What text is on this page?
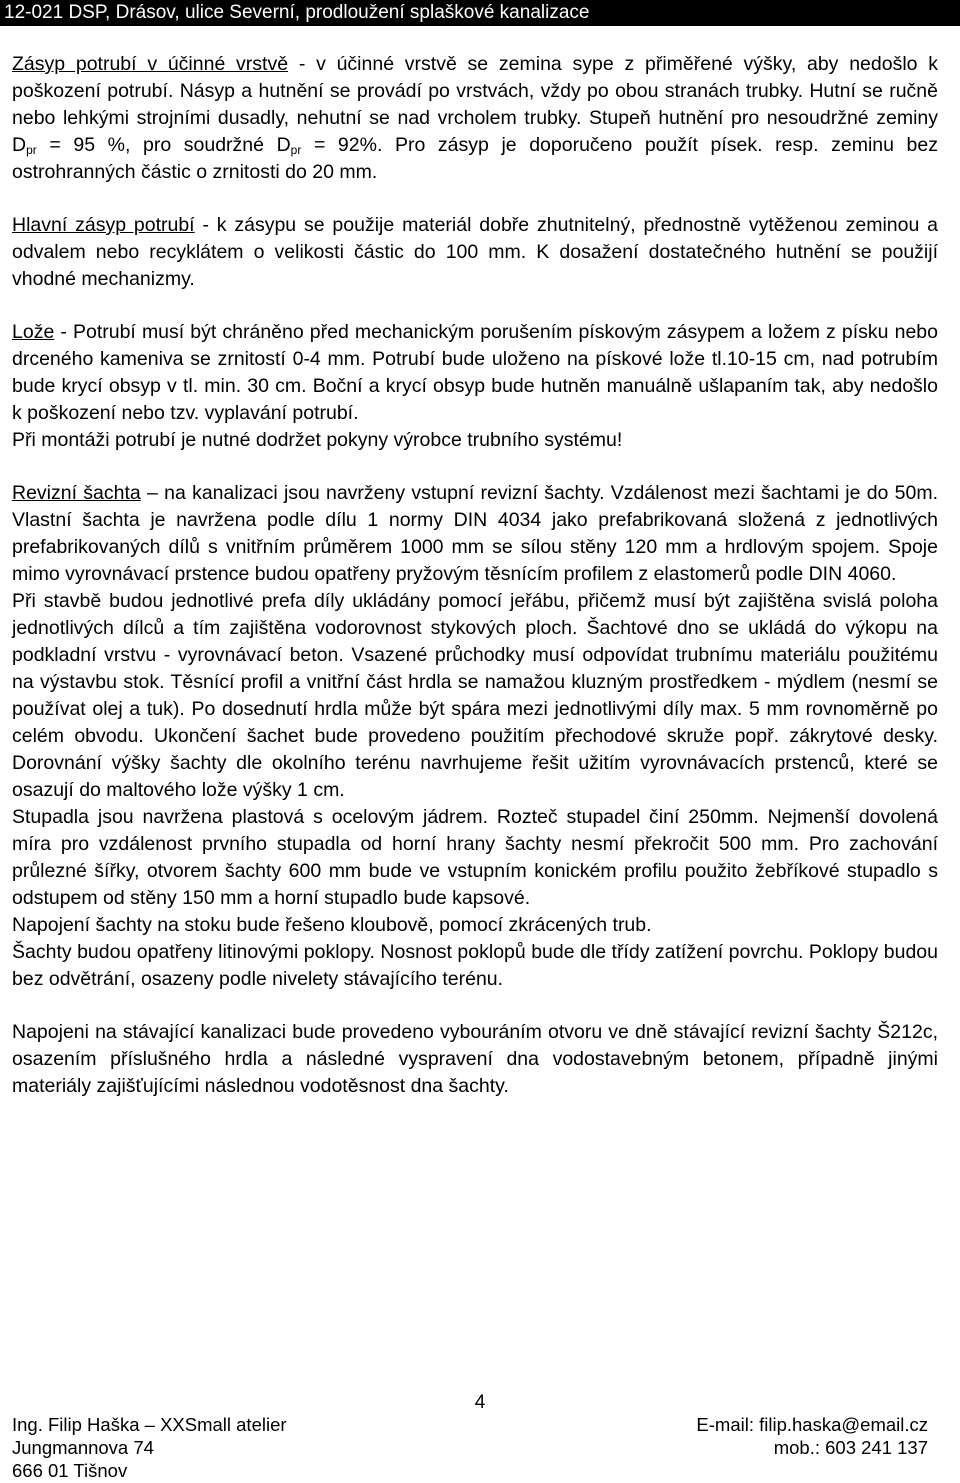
12-021 DSP, Drásov, ulice Severní, prodloužení splaškové kanalizace

Zásyp potrubí v účinné vrstvě - v účinné vrstvě se zemina sype z přiměřené výšky, aby nedošlo k poškození potrubí. Násyp a hutnění se provádí po vrstvách, vždy po obou stranách trubky. Hutní se ručně nebo lehkými strojními dusadly, nehutní se nad vrcholem trubky. Stupeň hutnění pro nesoudržné zeminy $D_{pr} = 95$ %, pro soudržné $D_{pr} = 92\%$. Pro zásyp je doporučeno použít písek. resp. zeminu bez ostrohranných částic o zrnitosti do 20 mm.

Hlavní zásyp potrubí - k zásypu se použije materiál dobře zhutnitelný, přednostně vytěženou zeminou a odvalem nebo recyklátem o velikosti částic do 100 mm. K dosažení dostatečného hutnění se použijí vhodné mechanizmy.

Lože - Potrubí musí být chráněno před mechanickým porušením pískovým zásypem a ložem z písku nebo drceného kameniva se zrnitostí 0-4 mm. Potrubí bude uloženo na pískové lože tl.10-15 cm, nad potrubím bude krycí obsyp v tl. min. 30 cm. Boční a krycí obsyp bude hutněn manuálně ušlapaním tak, aby nedošlo k poškození nebo tzv. vyplavání potrubí.

Při montáži potrubí je nutné dodržet pokyny výrobce trubního systému!

Revizní šachta – na kanalizaci jsou navrženy vstupní revizní šachty. Vzdálenost mezi šachtami je do 50m. Vlastní šachta je navržena podle dílu 1 normy DIN 4034 jako prefabrikovaná složená z jednotlivých prefabrikovaných dílů s vnitřním průměrem 1000 mm se sílou stěny 120 mm a hrdlovým spojem. Spoje mimo vyrovnávací prstence budou opatřeny pryžovým těsnícím profilem z elastomerů podle DIN 4060.

Při stavbě budou jednotlivé prefa díly ukládány pomocí jeřábu, přičemž musí být zajištěna svislá poloha jednotlivých dílců a tím zajištěna vodorovnost stykových ploch. Šachtové dno se ukládá do výkopu na podkladní vrstvu - vyrovnávací beton. Vsazené průchodky musí odpovídat trubnímu materiálu použitému na výstavbu stok. Těsnící profil a vnitřní část hrdla se namažou kluzným prostředkem - mýdlem (nesmí se používat olej a tuk). Po dosednutí hrdla může být spára mezi jednotlivými díly max. 5 mm rovnoměrně po celém obvodu. Ukončení šachet bude provedeno použitím přechodové skruže popř. zákrytové desky. Dorovnání výšky šachty dle okolního terénu navrhujeme řešit užitím vyrovnávacích prstenců, které se osazují do maltového lože výšky 1 cm.

Stupadla jsou navržena plastová s ocelovým jádrem. Rozteč stupadel činí 250mm. Nejmenší dovolená míra pro vzdálenost prvního stupadla od horní hrany šachty nesmí překročit 500 mm. Pro zachování průlezné šířky, otvorem šachty 600 mm bude ve vstupním konickém profilu použito žebříkové stupadlo s odstupem od stěny 150 mm a horní stupadlo bude kapsové.

Napojení šachty na stoku bude řešeno kloubově, pomocí zkrácených trub.

Šachty budou opatřeny litinovými poklopy. Nosnost poklopů bude dle třídy zatížení povrchu. Poklopy budou bez odvětrání, osazeny podle nivelety stávajícího terénu.

Napojeni na stávající kanalizaci bude provedeno vybouráním otvoru ve dně stávající revizní šachty Š212c, osazením příslušného hrdla a následné vyspravení dna vodostavebným betonem, případně jinými materiály zajišťujícími následnou vodotěsnost dna šachty.

4
Ing. Filip Haška – XXSmall atelier
Jungmannova 74
666 01 Tišnov
E-mail: filip.haska@email.cz
mob.: 603 241 137
